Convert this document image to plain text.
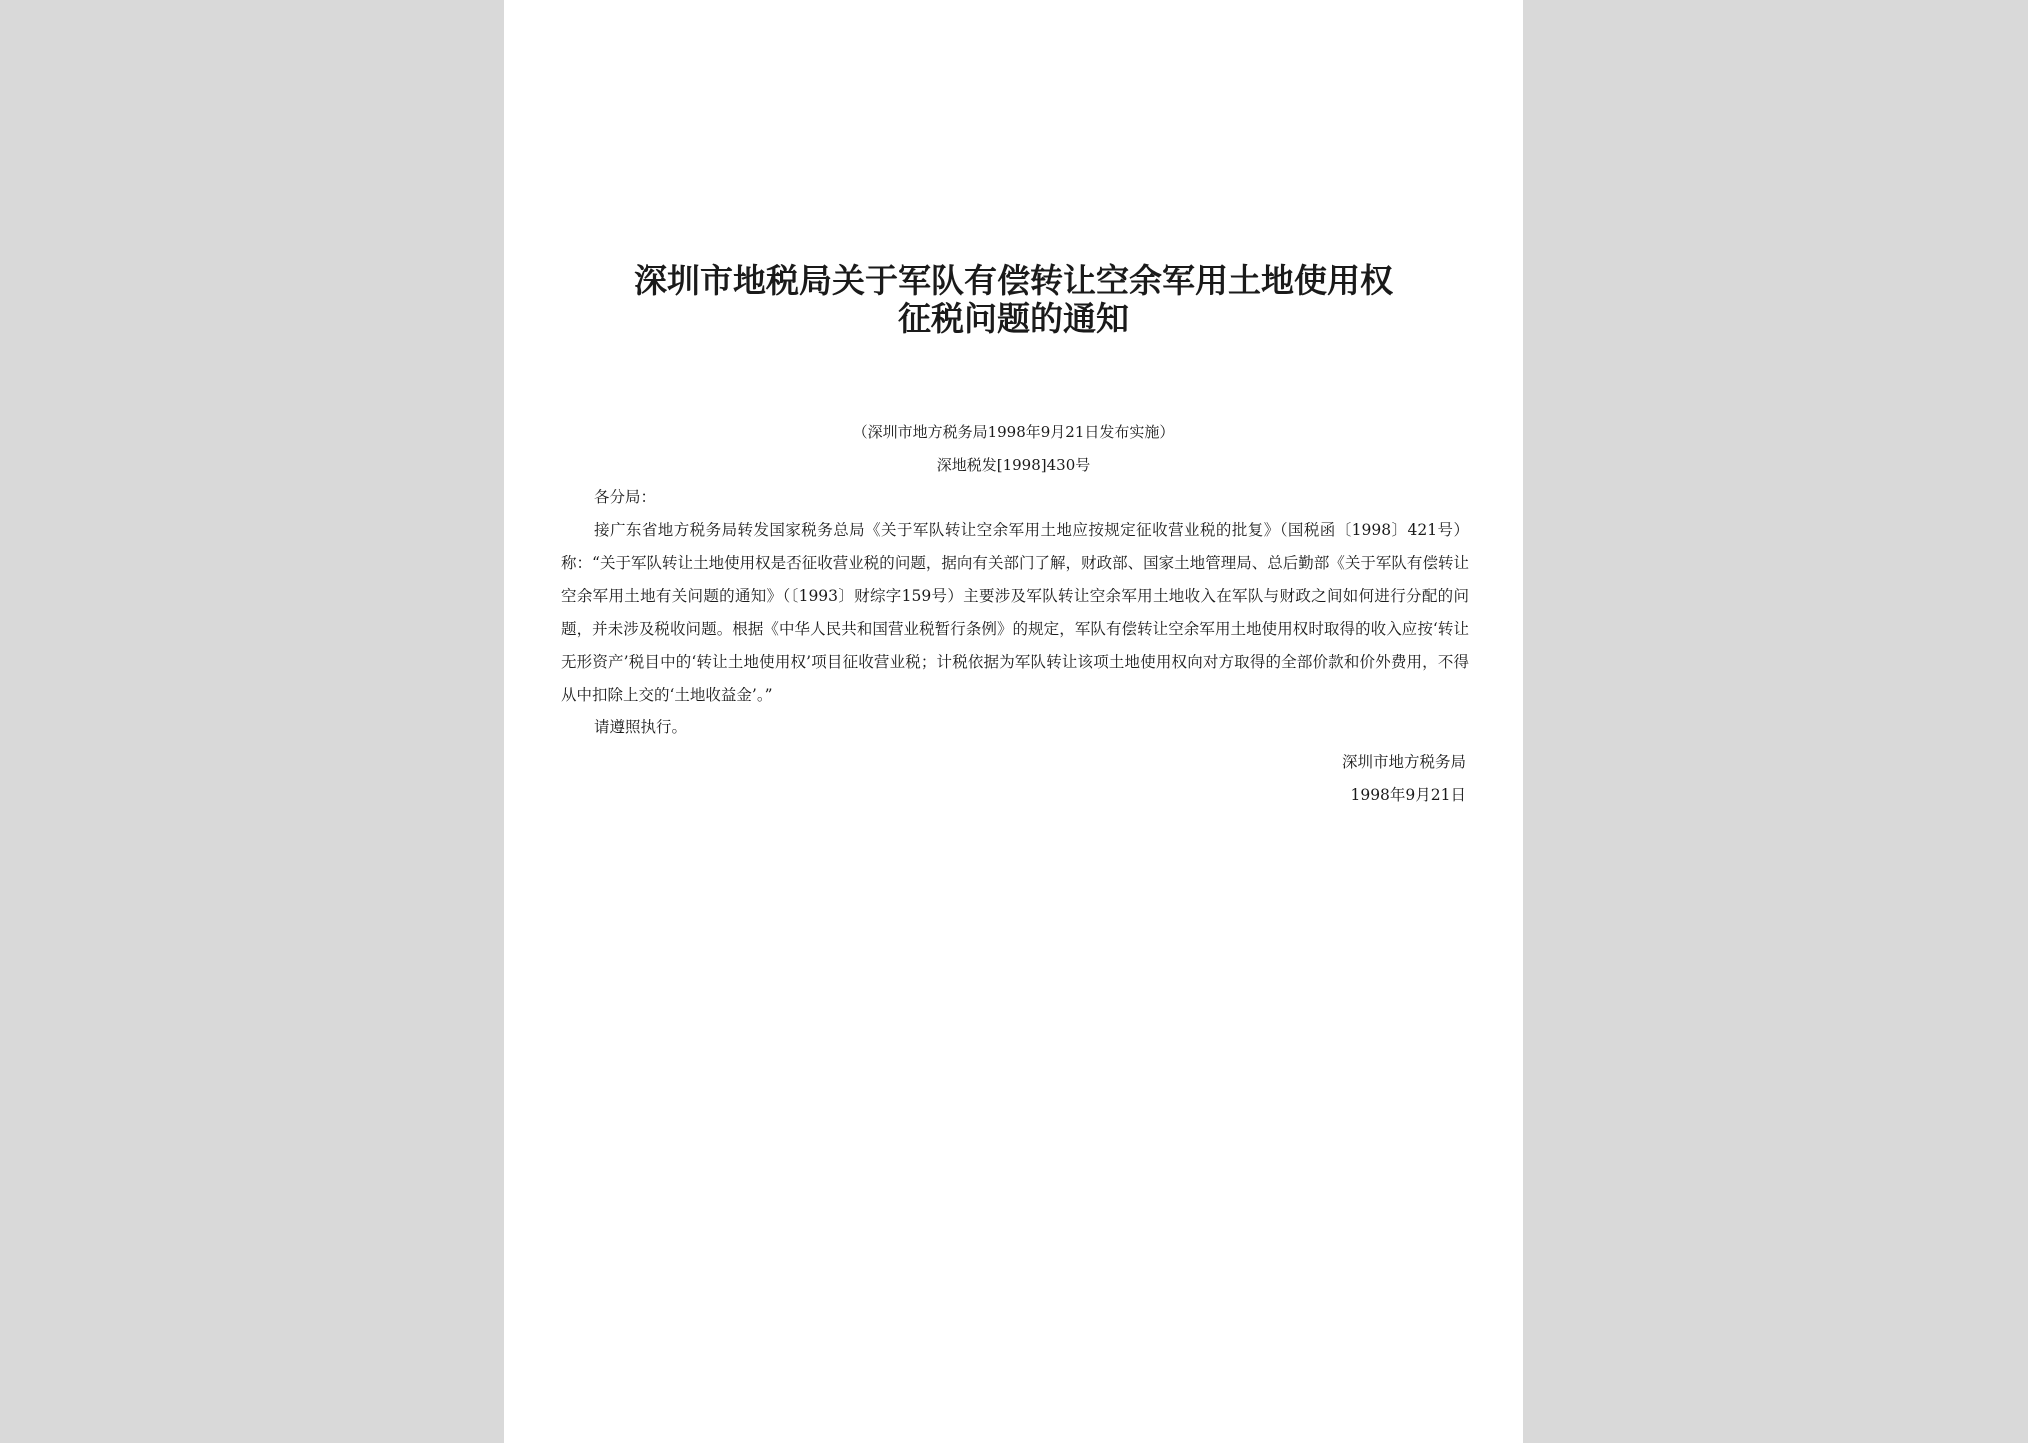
深圳市地税局关于军队有偿转让空余军用土地使用权
征税问题的通知
（深圳市地方税务局1998年9月21日发布实施）
深地税发[1998]430号
各分局：

接广东省地方税务局转发国家税务总局《关于军队转让空余军用土地应按规定征收营业税的批复》（国税函〔1998〕421号）称：“关于军队转让土地使用权是否征收营业税的问题，据向有关部门了解，财政部、国家土地管理局、总后勤部《关于军队有偿转让空余军用土地有关问题的通知》（〔1993〕财综字159号）主要涉及军队转让空余军用土地收入在军队与财政之间如何进行分配的问题，并未涉及税收问题。根据《中华人民共和国营业税暂行条例》的规定，军队有偿转让空余军用土地使用权时取得的收入应按‘转让无形资产’税目中的‘转让土地使用权’项目征收营业税；计税依据为军队转让该项土地使用权向对方取得的全部价款和价外费用，不得从中扣除上交的‘土地收益金’。”

请遵照执行。
深圳市地方税务局
1998年9月21日
